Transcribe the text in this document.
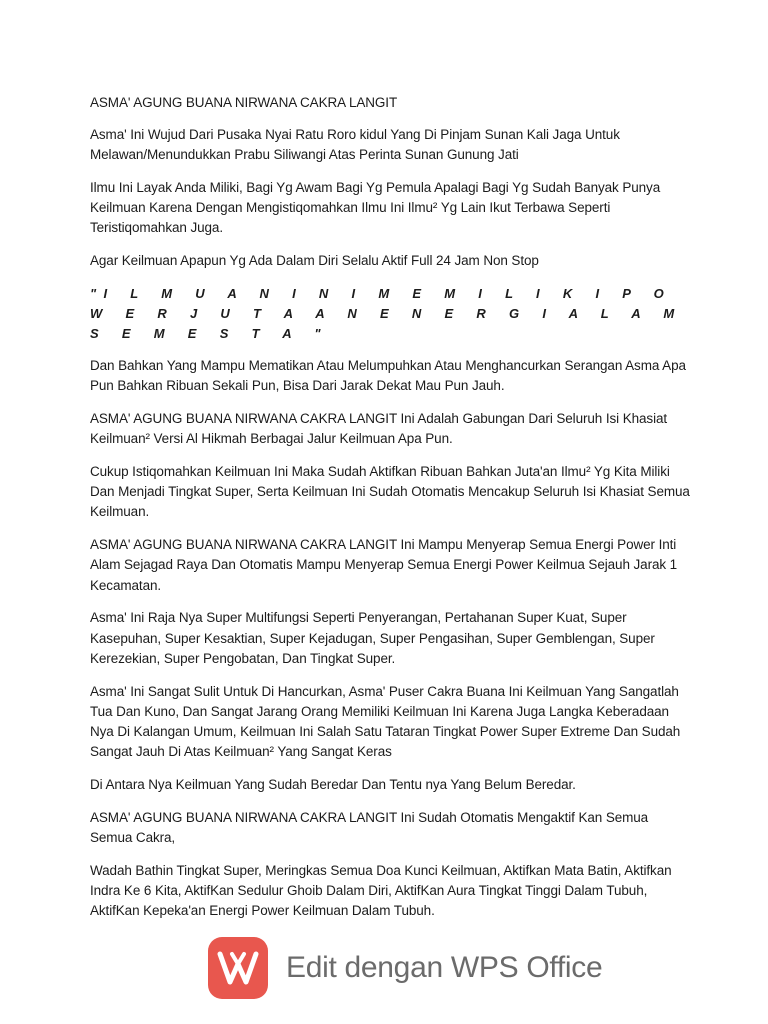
ASMA' AGUNG BUANA NIRWANA CAKRA LANGIT

Asma' Ini Wujud Dari Pusaka Nyai Ratu Roro kidul Yang Di Pinjam Sunan Kali Jaga Untuk Melawan/Menundukkan Prabu Siliwangi Atas Perinta Sunan Gunung Jati

Ilmu Ini Layak Anda Miliki, Bagi Yg Awam Bagi Yg Pemula Apalagi Bagi Yg Sudah Banyak Punya Keilmuan Karena Dengan Mengistiqomahkan Ilmu Ini Ilmu² Yg Lain Ikut Terbawa Seperti Teristiqomahkan Juga.

Agar Keilmuan Apapun Yg Ada Dalam Diri Selalu Aktif Full 24 Jam Non Stop

"I L M U A N I N I M E M I L I K I P O W E R J U T A A N E N E R G I A L A M S E M E S T A "

Dan Bahkan Yang Mampu Mematikan Atau Melumpuhkan Atau Menghancurkan Serangan Asma Apa Pun Bahkan Ribuan Sekali Pun, Bisa Dari Jarak Dekat Mau Pun Jauh.

ASMA' AGUNG BUANA NIRWANA CAKRA LANGIT Ini Adalah Gabungan Dari Seluruh Isi Khasiat Keilmuan² Versi Al Hikmah Berbagai Jalur Keilmuan Apa Pun.

Cukup Istiqomahkan Keilmuan Ini Maka Sudah Aktifkan Ribuan Bahkan Juta'an Ilmu² Yg Kita Miliki Dan Menjadi Tingkat Super, Serta Keilmuan Ini Sudah Otomatis Mencakup Seluruh Isi Khasiat Semua Keilmuan.

ASMA' AGUNG BUANA NIRWANA CAKRA LANGIT Ini Mampu Menyerap Semua Energi Power Inti Alam Sejagad Raya Dan Otomatis Mampu Menyerap Semua Energi Power Keilmua Sejauh Jarak 1 Kecamatan.

Asma' Ini Raja Nya Super Multifungsi Seperti Penyerangan, Pertahanan Super Kuat, Super Kasepuhan, Super Kesaktian, Super Kejadugan, Super Pengasihan, Super Gemblengan, Super Kerezekian, Super Pengobatan, Dan Tingkat Super.

Asma' Ini Sangat Sulit Untuk Di Hancurkan, Asma' Puser Cakra Buana Ini Keilmuan Yang Sangatlah Tua Dan Kuno, Dan Sangat Jarang Orang Memiliki Keilmuan Ini Karena Juga Langka Keberadaan Nya Di Kalangan Umum, Keilmuan Ini Salah Satu Tataran Tingkat Power Super Extreme Dan Sudah Sangat Jauh Di Atas Keilmuan² Yang Sangat Keras

Di Antara Nya Keilmuan Yang Sudah Beredar Dan Tentu nya Yang Belum Beredar.

ASMA' AGUNG BUANA NIRWANA CAKRA LANGIT Ini Sudah Otomatis Mengaktif Kan Semua Semua Cakra,

Wadah Bathin Tingkat Super, Meringkas Semua Doa Kunci Keilmuan, Aktifkan Mata Batin, Aktifkan Indra Ke 6 Kita, AktifKan Sedulur Ghoib Dalam Diri, AktifKan Aura Tingkat Tinggi Dalam Tubuh, AktifKan Kepeka'an Energi Power Keilmuan Dalam Tubuh.

Edit dengan WPS Office
